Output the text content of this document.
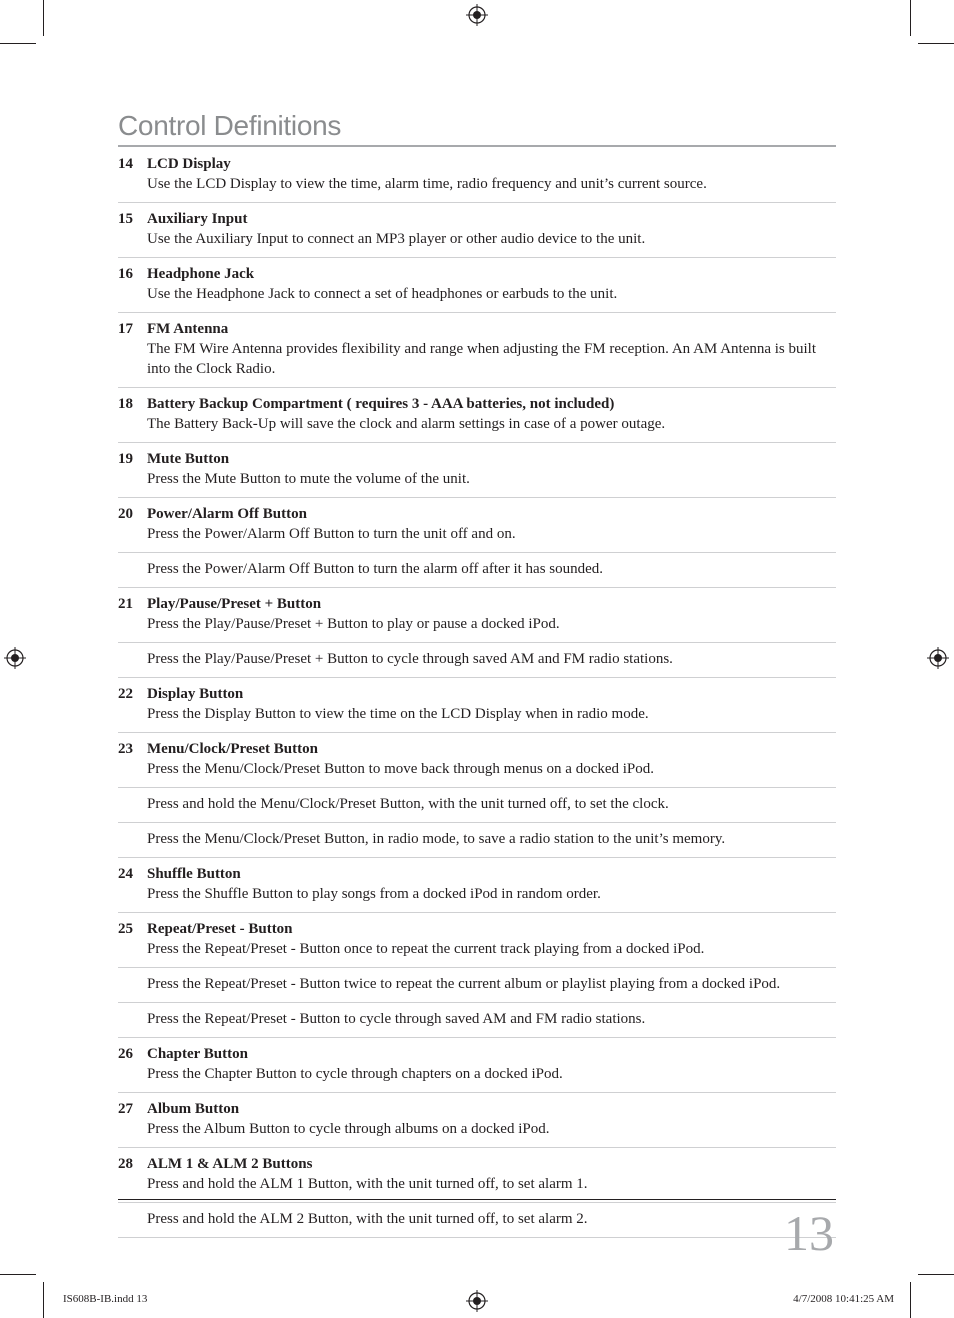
Control Definitions
14 LCD Display
Use the LCD Display to view the time, alarm time, radio frequency and unit’s current source.
15 Auxiliary Input
Use the Auxiliary Input to connect an MP3 player or other audio device to the unit.
16 Headphone Jack
Use the Headphone Jack to connect a set of headphones or earbuds to the unit.
17 FM Antenna
The FM Wire Antenna provides flexibility and range when adjusting the FM reception. An AM Antenna is built into the Clock Radio.
18 Battery Backup Compartment ( requires 3 - AAA batteries, not included)
The Battery Back-Up will save the clock and alarm settings in case of a power outage.
19 Mute Button
Press the Mute Button to mute the volume of the unit.
20 Power/Alarm Off Button
Press the Power/Alarm Off Button to turn the unit off and on.
Press the Power/Alarm Off Button to turn the alarm off after it has sounded.
21 Play/Pause/Preset + Button
Press the Play/Pause/Preset + Button to play or pause a docked iPod.
Press the Play/Pause/Preset + Button to cycle through saved AM and FM radio stations.
22 Display Button
Press the Display Button to view the time on the LCD Display when in radio mode.
23 Menu/Clock/Preset Button
Press the Menu/Clock/Preset Button to move back through menus on a docked iPod.
Press and hold the Menu/Clock/Preset Button, with the unit turned off, to set the clock.
Press the Menu/Clock/Preset Button, in radio mode, to save a radio station to the unit’s memory.
24 Shuffle Button
Press the Shuffle Button to play songs from a docked iPod in random order.
25 Repeat/Preset - Button
Press the Repeat/Preset - Button once to repeat the current track playing from a docked iPod.
Press the Repeat/Preset - Button twice to repeat the current album or playlist playing from a docked iPod.
Press the Repeat/Preset - Button to cycle through saved AM and FM radio stations.
26 Chapter Button
Press the Chapter Button to cycle through chapters on a docked iPod.
27 Album Button
Press the Album Button to cycle through albums on a docked iPod.
28 ALM 1 & ALM 2 Buttons
Press and hold the ALM 1 Button, with the unit turned off, to set alarm 1.
Press and hold the ALM 2 Button, with the unit turned off, to set alarm 2.	13
IS608B-IB.indd 13	4/7/2008 10:41:25 AM
